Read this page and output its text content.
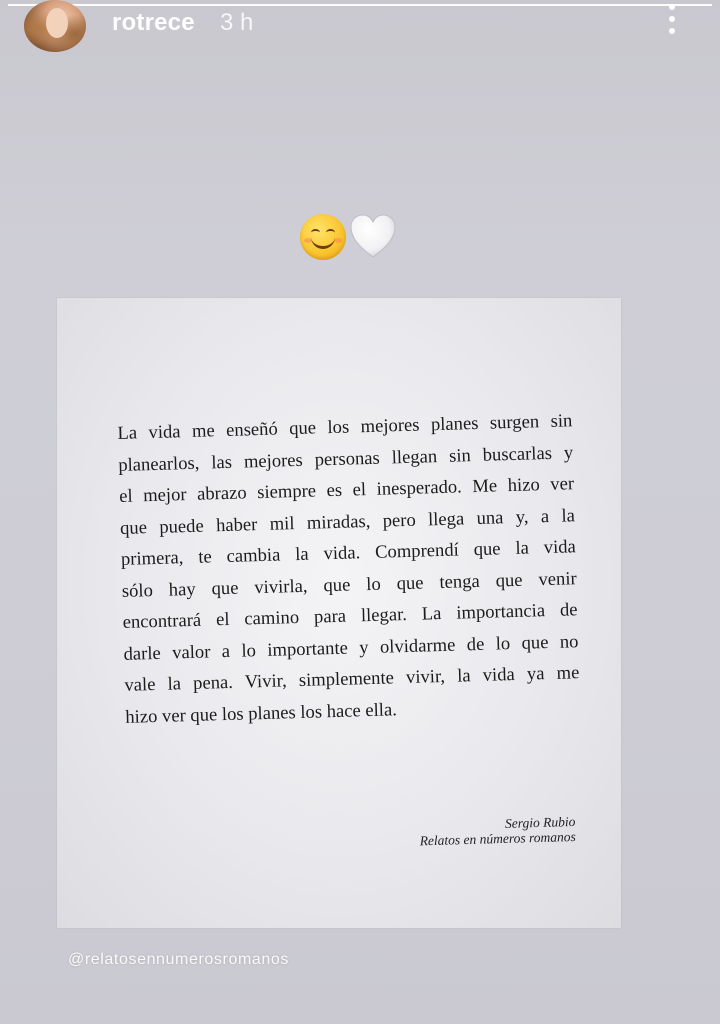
rotrece 3 h
La vida me enseñó que los mejores planes surgen sin
planearlos, las mejores personas llegan sin buscarlas y
el mejor abrazo siempre es el inesperado. Me hizo ver
que puede haber mil miradas, pero llega una y, a la
primera, te cambia la vida. Comprendí que la vida
sólo hay que vivirla, que lo que tenga que venir
encontrará el camino para llegar. La importancia de
darle valor a lo importante y olvidarme de lo que no
vale la pena. Vivir, simplemente vivir, la vida ya me
hizo ver que los planes los hace ella.
Sergio Rubio
Relatos en números romanos
@relatosennumerosromanos
